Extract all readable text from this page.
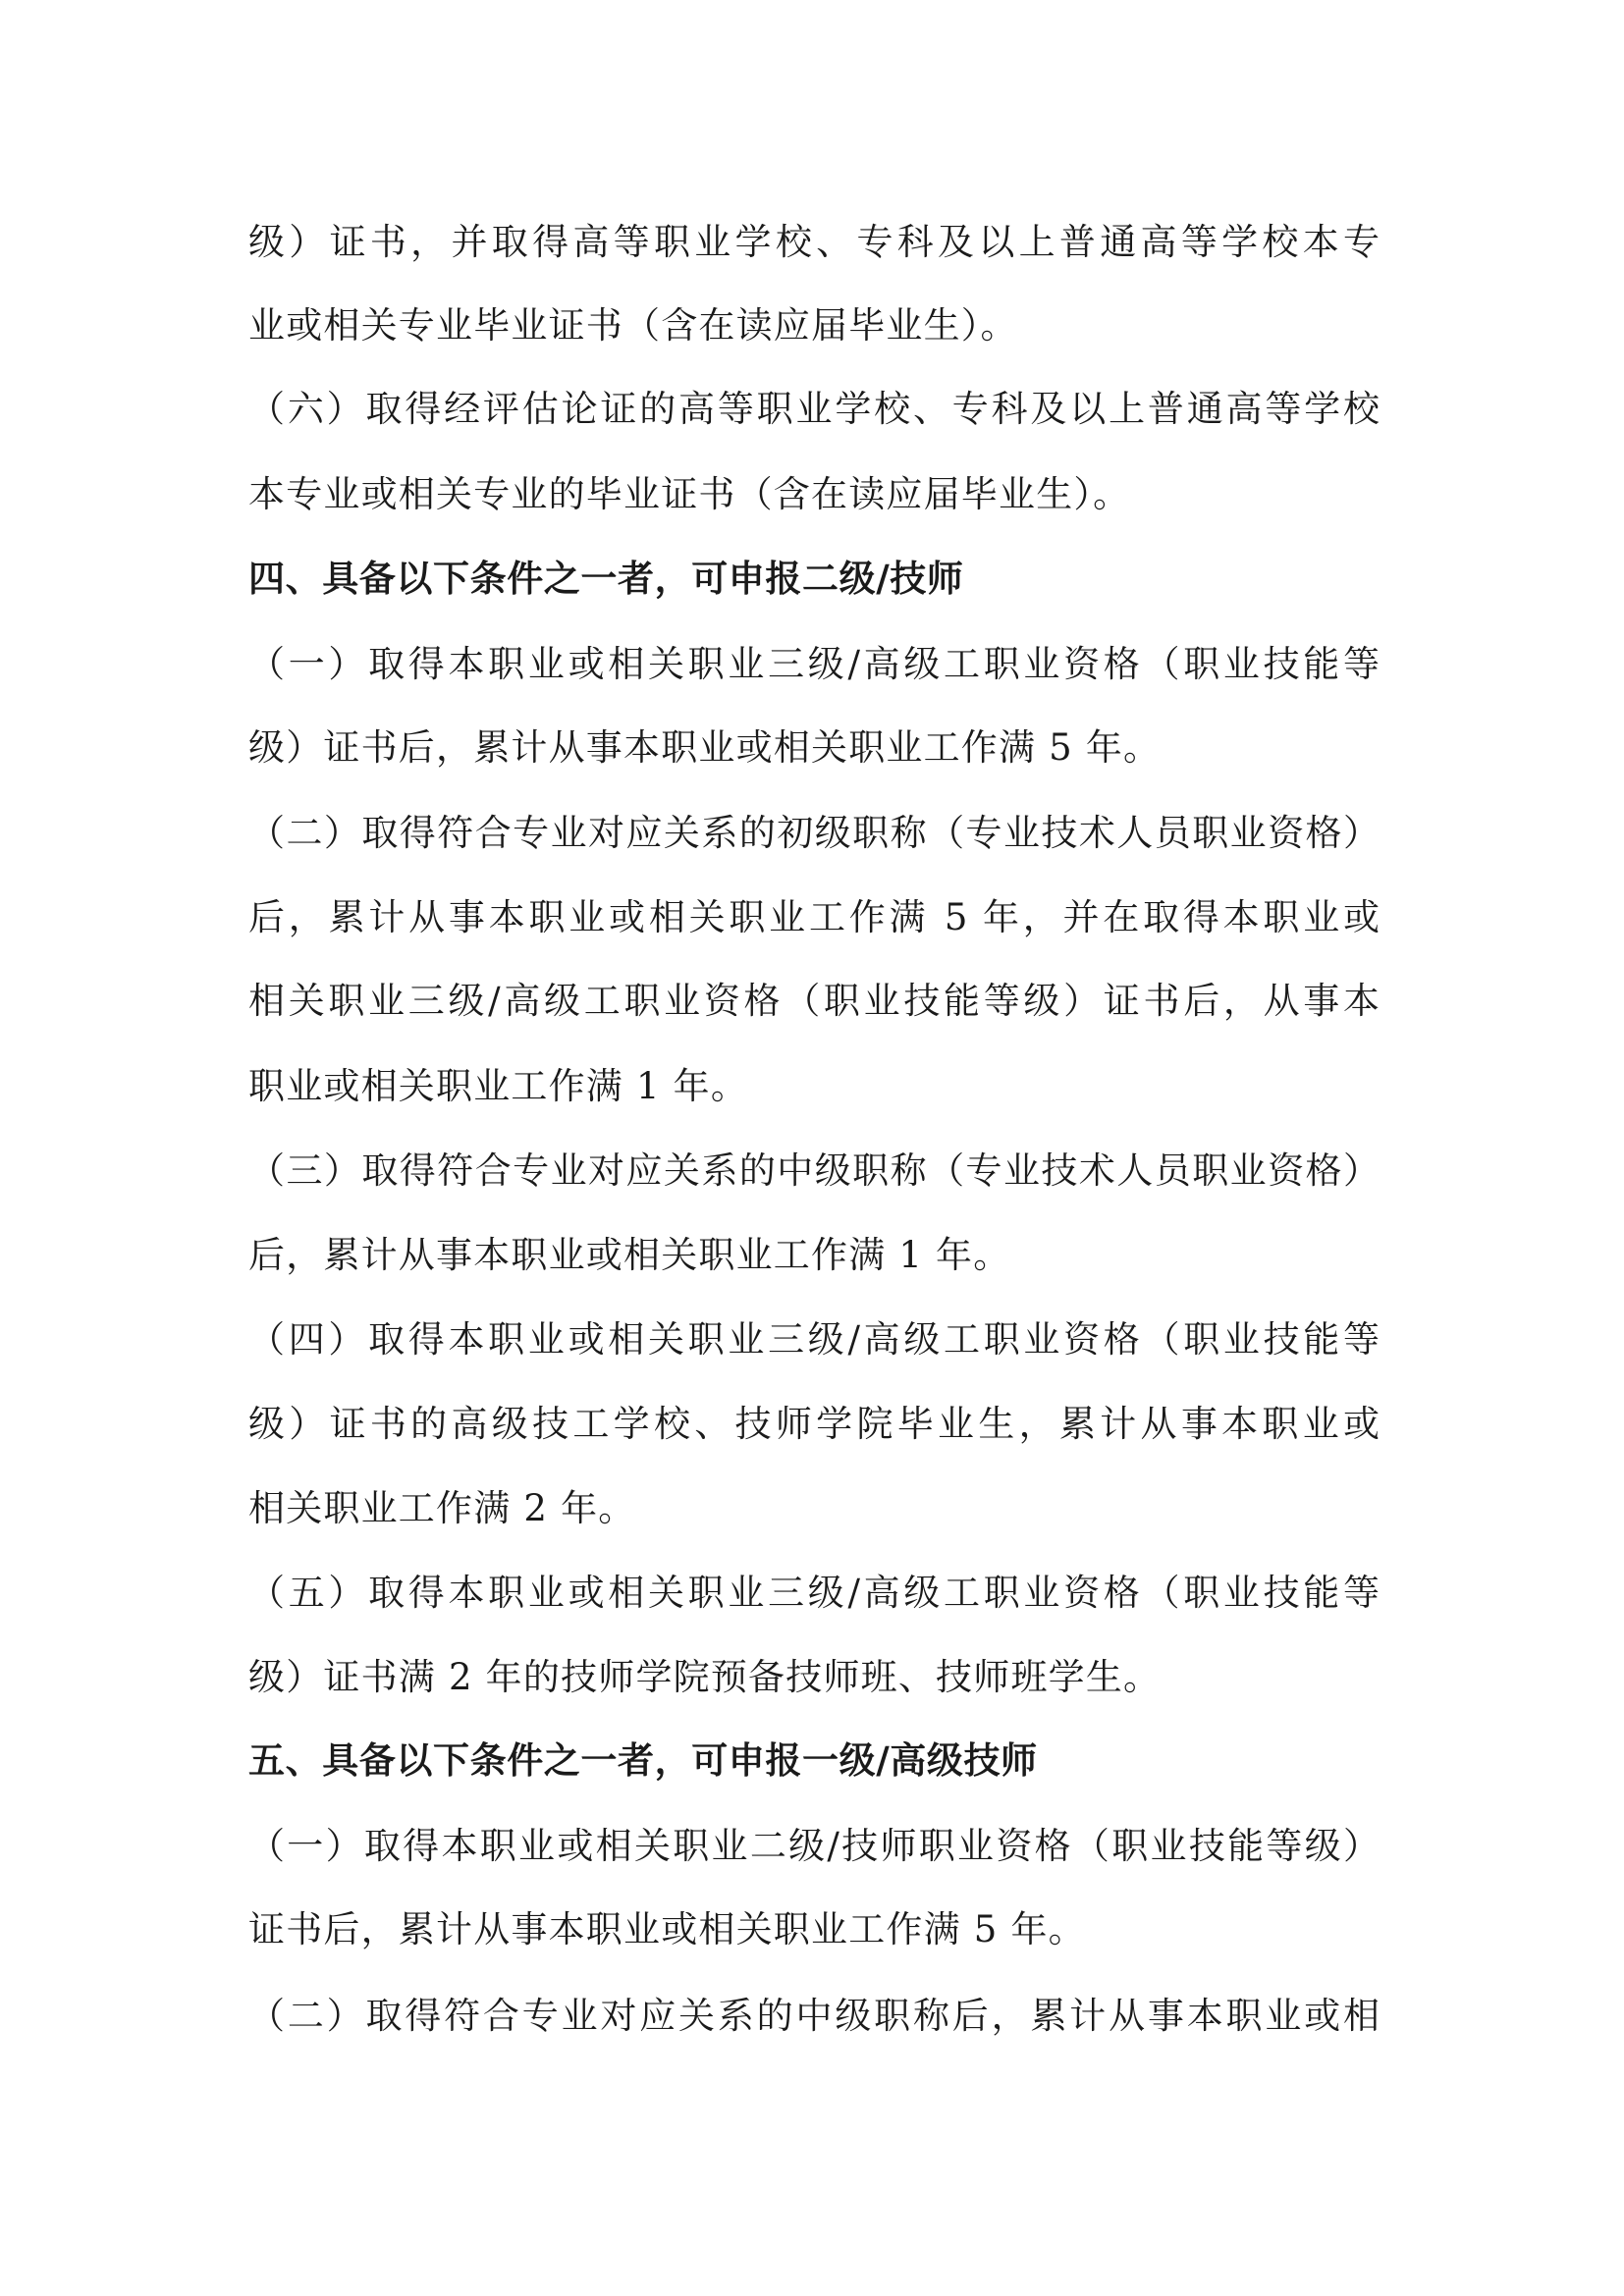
级）证书，并取得高等职业学校、专科及以上普通高等学校本专
业或相关专业毕业证书（含在读应届毕业生）。
（六）取得经评估论证的高等职业学校、专科及以上普通高等学校
本专业或相关专业的毕业证书（含在读应届毕业生）。
四、具备以下条件之一者，可申报二级/技师
（一）取得本职业或相关职业三级/高级工职业资格（职业技能等
级）证书后，累计从事本职业或相关职业工作满 5 年。
（二）取得符合专业对应关系的初级职称（专业技术人员职业资格）
后，累计从事本职业或相关职业工作满 5 年，并在取得本职业或
相关职业三级/高级工职业资格（职业技能等级）证书后，从事本
职业或相关职业工作满 1 年。
（三）取得符合专业对应关系的中级职称（专业技术人员职业资格）
后，累计从事本职业或相关职业工作满 1 年。
（四）取得本职业或相关职业三级/高级工职业资格（职业技能等
级）证书的高级技工学校、技师学院毕业生，累计从事本职业或
相关职业工作满 2 年。
（五）取得本职业或相关职业三级/高级工职业资格（职业技能等
级）证书满 2 年的技师学院预备技师班、技师班学生。
五、具备以下条件之一者，可申报一级/高级技师
（一）取得本职业或相关职业二级/技师职业资格（职业技能等级）
证书后，累计从事本职业或相关职业工作满 5 年。
（二）取得符合专业对应关系的中级职称后，累计从事本职业或相
